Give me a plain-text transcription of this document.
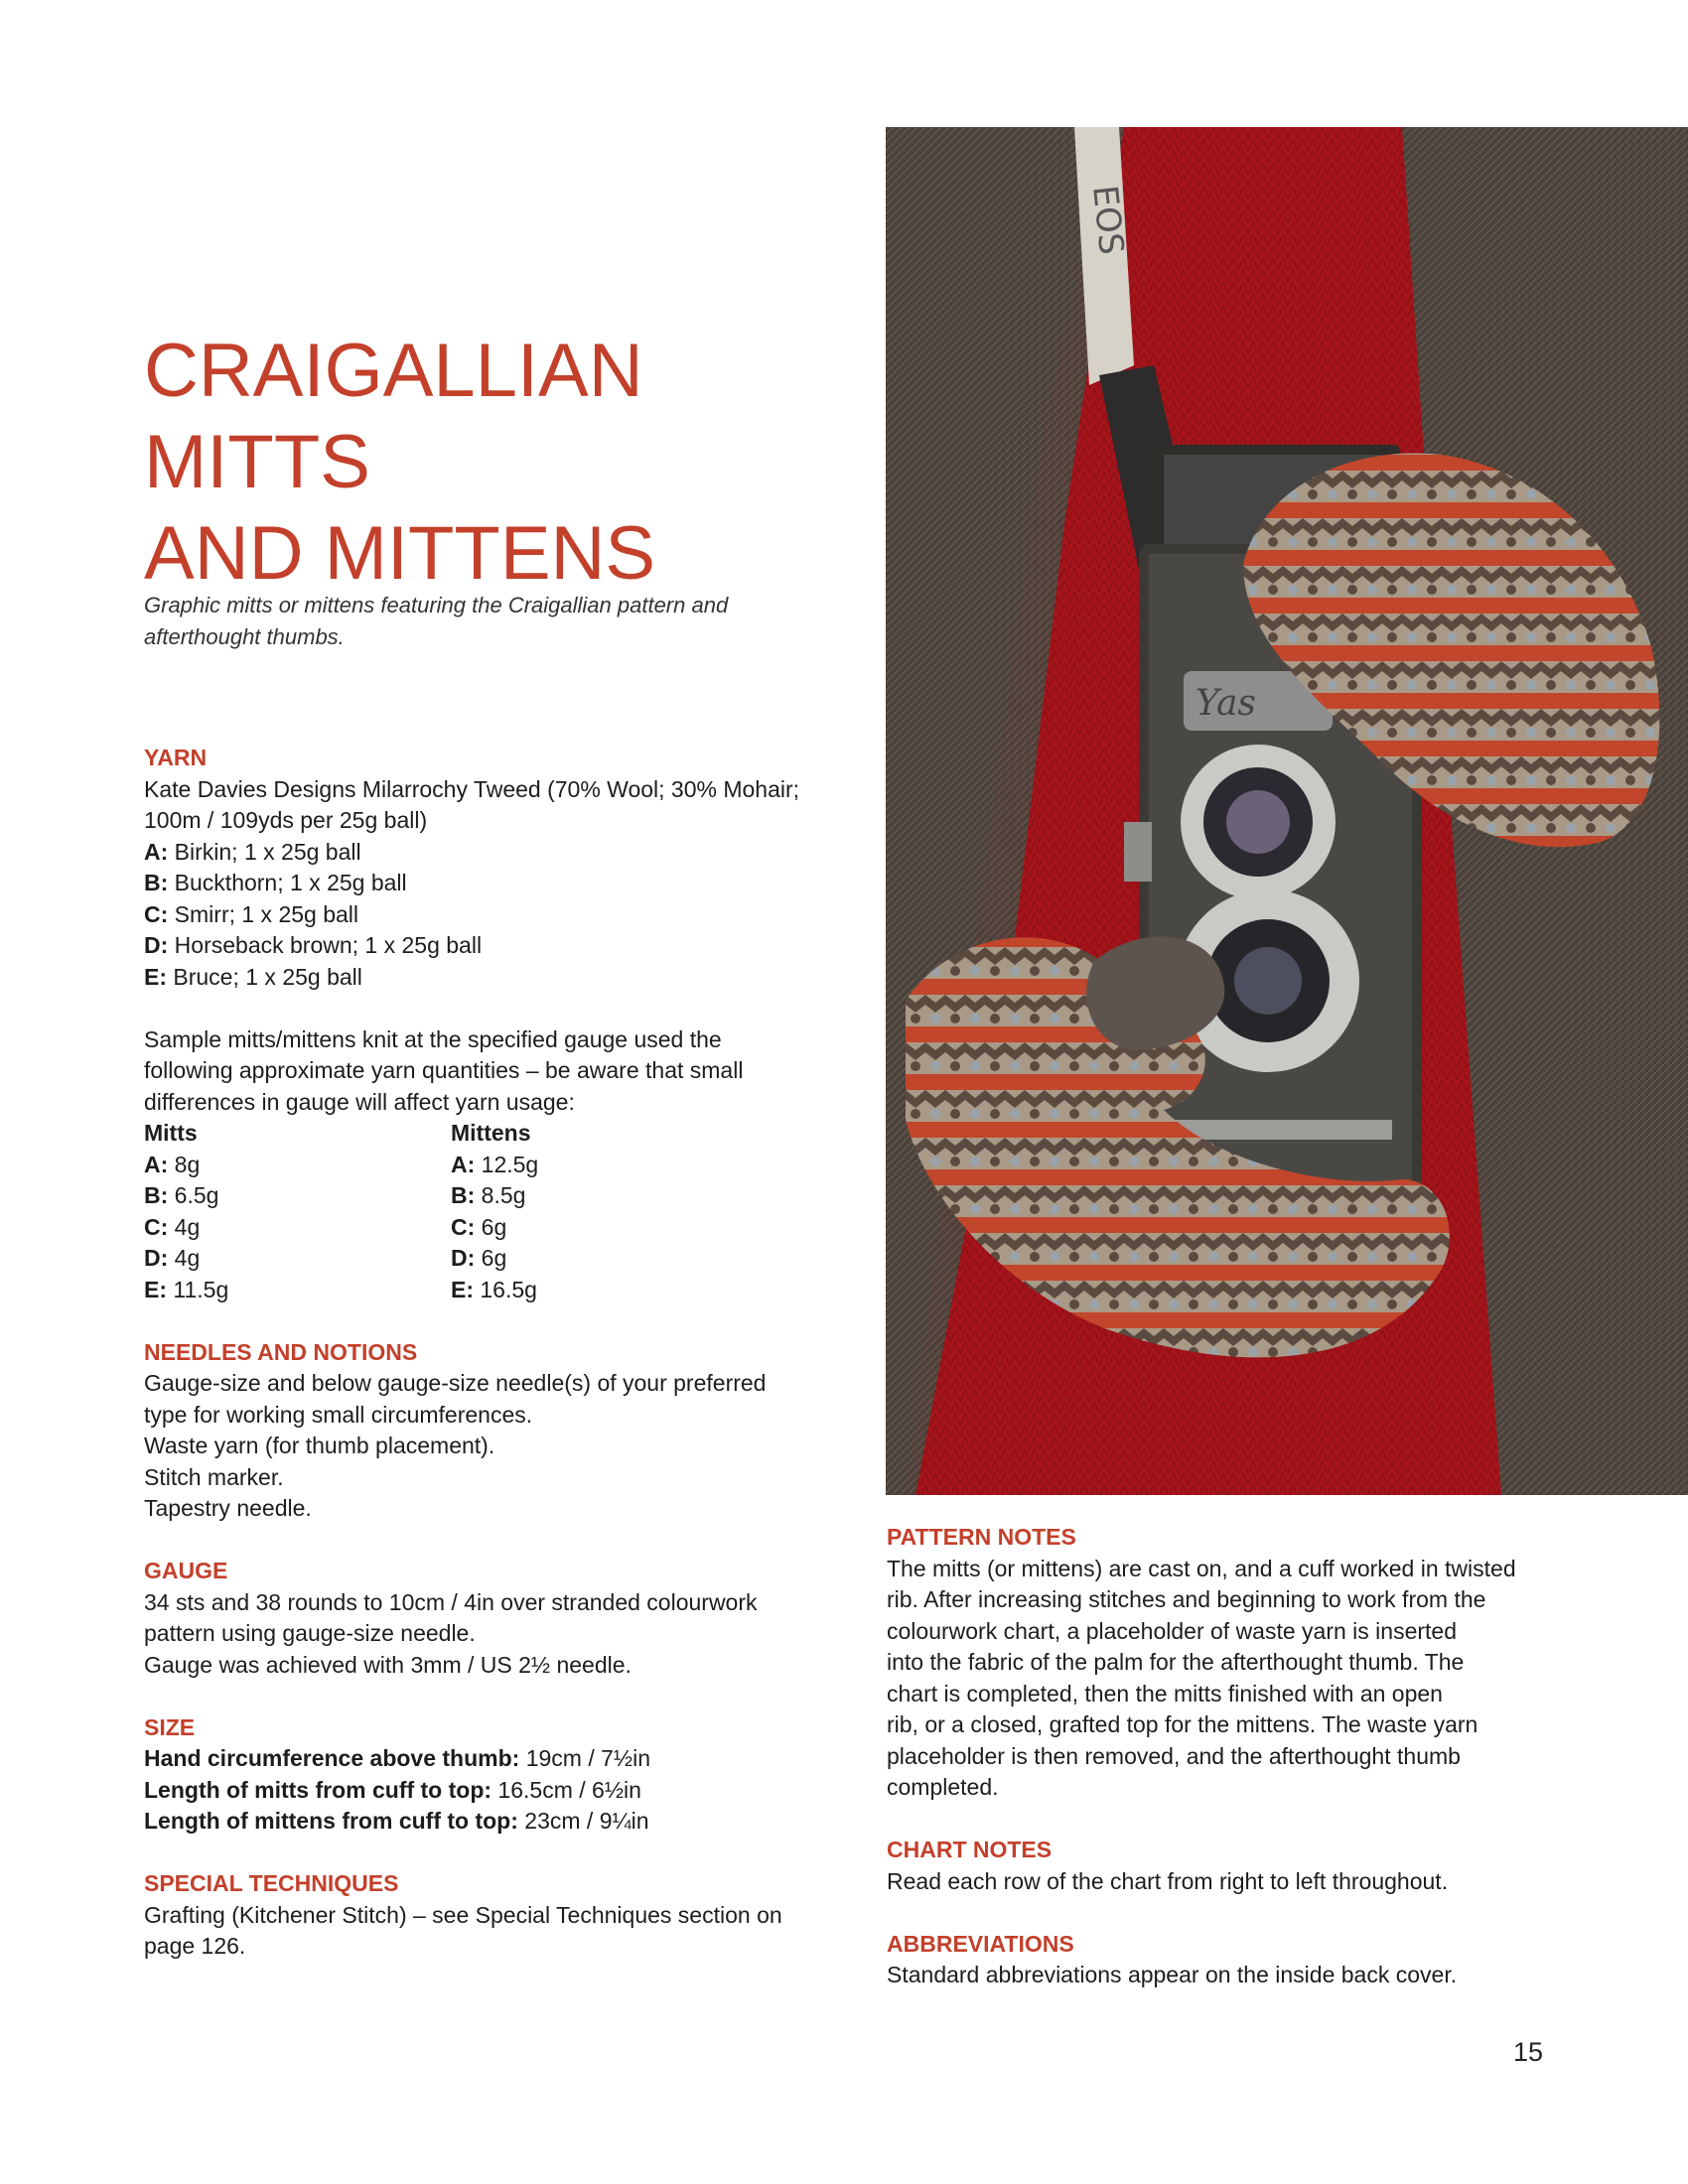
CRAIGALLIAN MITTS
AND MITTENS

Graphic mitts or mittens featuring the Craigallian pattern and
afterthought thumbs.

YARN
Kate Davies Designs Milarrochy Tweed (70% Wool; 30% Mohair;
100m / 109yds per 25g ball)
A: Birkin; 1 x 25g ball
B: Buckthorn; 1 x 25g ball
C: Smirr; 1 x 25g ball
D: Horseback brown; 1 x 25g ball
E: Bruce; 1 x 25g ball
Sample mitts/mittens knit at the specified gauge used the
following approximate yarn quantities – be aware that small
differences in gauge will affect yarn usage:
Mitts
A: 8g
B: 6.5g
C: 4g
D: 4g
E: 11.5g
Mittens
A: 12.5g
B: 8.5g
C: 6g
D: 6g
E: 16.5g
NEEDLES AND NOTIONS
Gauge-size and below gauge-size needle(s) of your preferred
type for working small circumferences.
Waste yarn (for thumb placement).
Stitch marker.
Tapestry needle.
GAUGE
34 sts and 38 rounds to 10cm / 4in over stranded colourwork
pattern using gauge-size needle.
Gauge was achieved with 3mm / US 2½ needle.
SIZE
Hand circumference above thumb: 19cm / 7½in
Length of mitts from cuff to top: 16.5cm / 6½in
Length of mittens from cuff to top: 23cm / 9¼in
SPECIAL TECHNIQUES
Grafting (Kitchener Stitch) – see Special Techniques section on
page 126.
EOS
Yas
PATTERN NOTES
The mitts (or mittens) are cast on, and a cuff worked in twisted
rib. After increasing stitches and beginning to work from the
colourwork chart, a placeholder of waste yarn is inserted
into the fabric of the palm for the afterthought thumb. The
chart is completed, then the mitts finished with an open
rib, or a closed, grafted top for the mittens. The waste yarn
placeholder is then removed, and the afterthought thumb
completed.
CHART NOTES
Read each row of the chart from right to left throughout.
ABBREVIATIONS
Standard abbreviations appear on the inside back cover.
15
